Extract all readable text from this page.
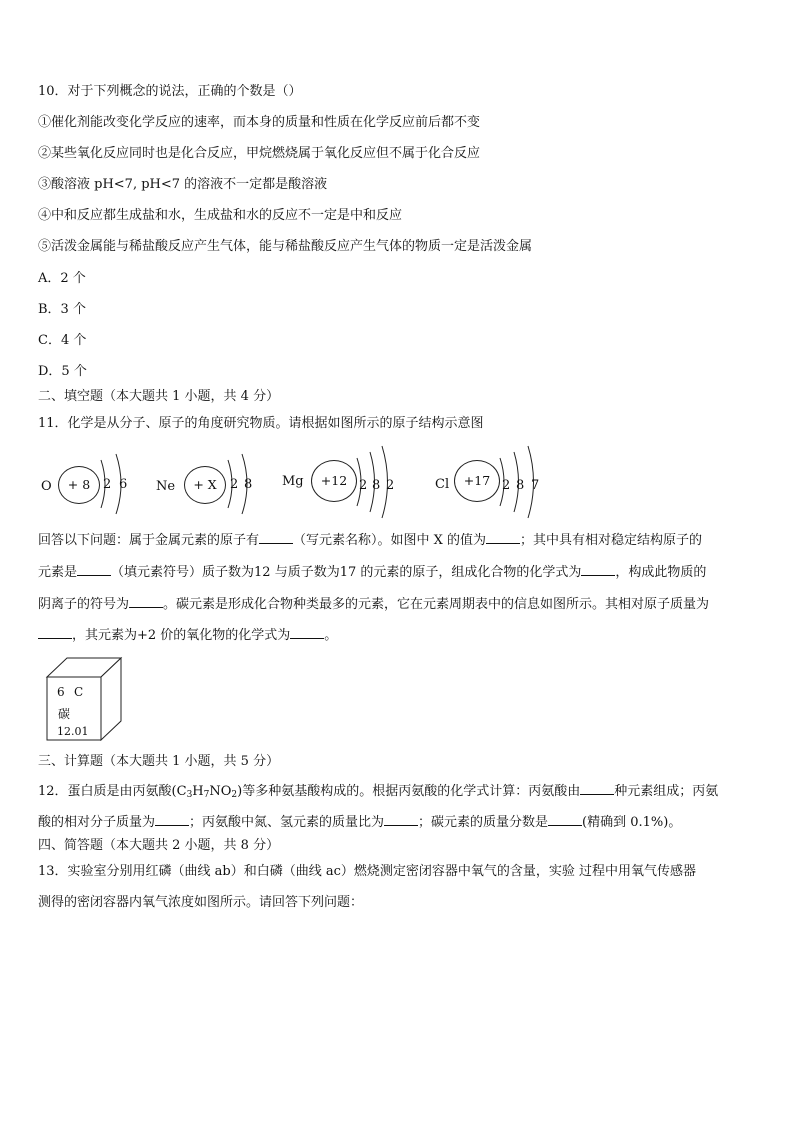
10．对于下列概念的说法，正确的个数是（）
①催化剂能改变化学反应的速率，而本身的质量和性质在化学反应前后都不变
②某些氧化反应同时也是化合反应，甲烷燃烧属于氧化反应但不属于化合反应
③酸溶液 pH<7, pH<7 的溶液不一定都是酸溶液
④中和反应都生成盐和水，生成盐和水的反应不一定是中和反应
⑤活泼金属能与稀盐酸反应产生气体，能与稀盐酸反应产生气体的物质一定是活泼金属
A．2 个
B．3 个
C．4 个
D．5 个
二、填空题（本大题共 1 小题，共 4 分）
11．化学是从分子、原子的角度研究物质。请根据如图所示的原子结构示意图
O	+ 8 2 6 Ne	+ X	2 8 Mg	+12 2 8 2	Cl	+17 2 8 7
回答以下问题：属于金属元素的原子有	（写元素名称）。如图中 X 的值为	；其中具有相对稳定结构原子的
元素是	（填元素符号）质子数为12 与质子数为17 的元素的原子，组成化合物的化学式为	，构成此物质的
阴离子的符号为	。碳元素是形成化合物种类最多的元素，它在元素周期表中的信息如图所示。其相对原子质量为
，其元素为+2 价的氧化物的化学式为	。
6 C
碳
12.01
三、计算题（本大题共 1 小题，共 5 分）
12．蛋白质是由丙氨酸$(C_3H_7NO_2)$等多种氨基酸构成的。根据丙氨酸的化学式计算：丙氨酸由	种元素组成；丙氨
酸的相对分子质量为	；丙氨酸中氮、氢元素的质量比为	；碳元素的质量分数是	(精确到 0.1%)。
四、简答题（本大题共 2 小题，共 8 分）
13．实验室分别用红磷（曲线 ab）和白磷（曲线 ac）燃烧测定密闭容器中氧气的含量，实验 过程中用氧气传感器
测得的密闭容器内氧气浓度如图所示。请回答下列问题：
